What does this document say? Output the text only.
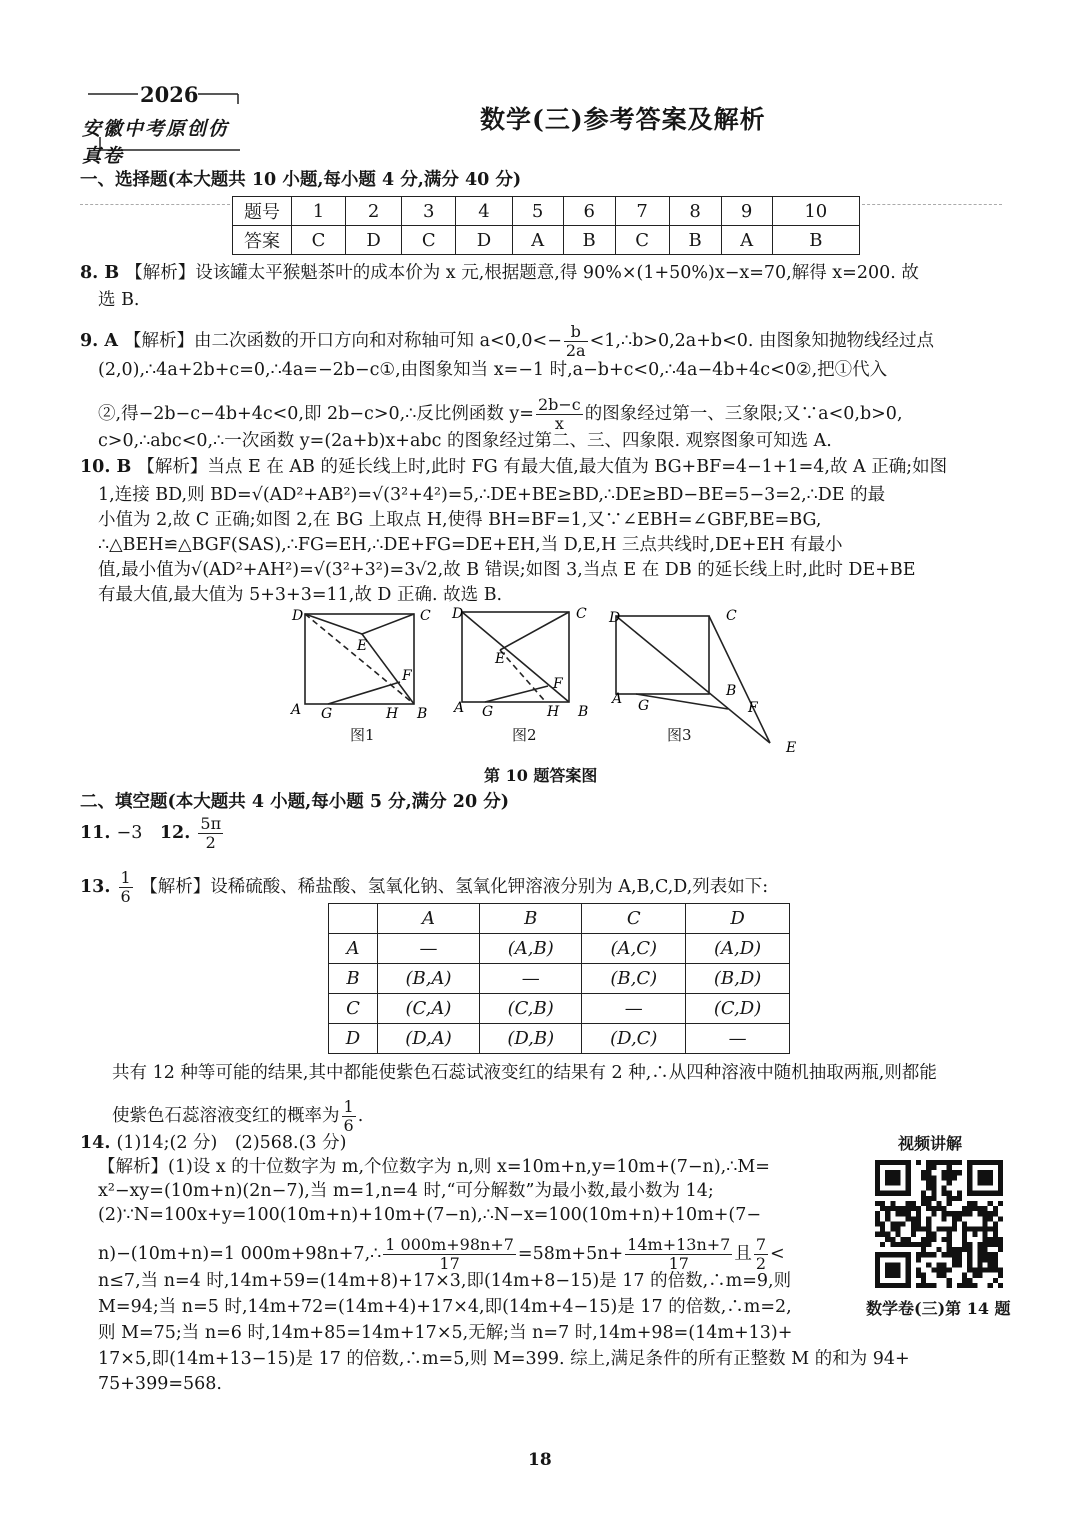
2026
安徽中考原创仿真卷
数学(三)参考答案及解析
一、选择题(本大题共 10 小题,每小题 4 分,满分 40 分)
题号	1	2	3	4	5	6	7	8	9	10
答案	C	D	C	D	A	B	C	B	A	B
8. B 【解析】设该罐太平猴魁茶叶的成本价为 x 元,根据题意,得 90%×(1+50%)x−x=70,解得 x=200. 故
选 B.
9. A 【解析】由二次函数的开口方向和对称轴可知 $a<0,0<- \frac{b}{2a}$ <1,∴b>0,2a+b<0. 由图象知抛物线经过点
(2,0),∴4a+2b+c=0,∴4a=−2b−c①,由图象知当 x=−1 时,a−b+c<0,∴4a−4b+4c<0②,把①代入
②,得−2b−c−4b+4c<0,即 2b−c>0,∴反比例函数 $y= \frac{2b-c}{x}$ 的图象经过第一、三象限;又∵a<0,b>0,
c>0,∴abc<0,∴一次函数 y=(2a+b)x+abc 的图象经过第二、三、四象限. 观察图象可知选 A.
10. B 【解析】当点 E 在 AB 的延长线上时,此时 FG 有最大值,最大值为 BG+BF=4−1+1=4,故 A 正确;如图
1,连接 BD,则 BD=√(AD²+AB²)=√(3²+4²)=5,∴DE+BE≥BD,∴DE≥BD−BE=5−3=2,∴DE 的最
小值为 2,故 C 正确;如图 2,在 BG 上取点 H,使得 BH=BF=1,又∵∠EBH=∠GBF,BE=BG,
∴△BEH≌△BGF(SAS),∴FG=EH,∴DE+FG=DE+EH,当 D,E,H 三点共线时,DE+EH 有最小
值,最小值为√(AD²+AH²)=√(3²+3²)=3√2,故 B 错误;如图 3,当点 E 在 DB 的延长线上时,此时 DE+BE
有最大值,最大值为 5+3+3=11,故 D 正确. 故选 B.
11. −3　12. $\frac{5\pi}{2}$
13. $\frac{1}{6}$ 【解析】设稀硫酸、稀盐酸、氢氧化钠、氢氧化钾溶液分别为 A,B,C,D,列表如下:
共有 12 种等可能的结果,其中都能使紫色石蕊试液变红的结果有 2 种,∴从四种溶液中随机抽取两瓶,则都能
使紫色石蕊溶液变红的概率为 $\frac{1}{6}$ .
14. (1)14;(2 分)　(2)568.(3 分)
【解析】(1)设 x 的十位数字为 m,个位数字为 n,则 x=10m+n,y=10m+(7−n),∴M=
x²−xy=(10m+n)(2n−7),当 m=1,n=4 时,“可分解数”为最小数,最小数为 14;
(2)∵N=100x+y=100(10m+n)+10m+(7−n),∴N−x=100(10m+n)+10m+(7−
n)−(10m+n)=1 000m+98n+7,∴ $\frac{1 000m+98n+7}{17} =58m+5n+ \frac{14m+13n+7}{17}$ 且 $\frac{7}{2}$ <
n≤7,当 n=4 时,14m+59=(14m+8)+17×3,即(14m+8−15)是 17 的倍数,∴m=9,则
M=94;当 n=5 时,14m+72=(14m+4)+17×4,即(14m+4−15)是 17 的倍数,∴m=2,
则 M=75;当 n=6 时,14m+85=14m+17×5,无解;当 n=7 时,14m+98=(14m+13)+
17×5,即(14m+13−15)是 17 的倍数,∴m=5,则 M=399. 综上,满足条件的所有正整数 M 的和为 94+
75+399=568.
D	C
A G	H B
E
F
D	C
A G	H B
E
F
D	C
A G
B
F
E
图1	图2	图3
第 10 题答案图
二、填空题(本大题共 4 小题,每小题 5 分,满分 20 分)
	A	B	C	D
A	—	(A,B)	(A,C)	(A,D)
B	(B,A)	—	(B,C)	(B,D)
C	(C,A)	(C,B)	—	(C,D)
D	(D,A)	(D,B)	(D,C)	—
视频讲解
数学卷(三)第 14 题
18
